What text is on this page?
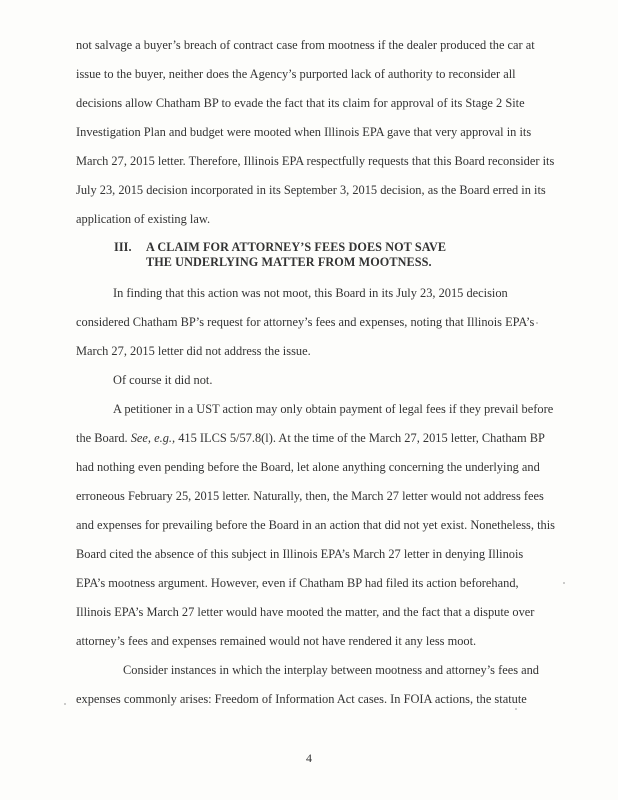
not salvage a buyer’s breach of contract case from mootness if the dealer produced the car at
issue to the buyer, neither does the Agency’s purported lack of authority to reconsider all
decisions allow Chatham BP to evade the fact that its claim for approval of its Stage 2 Site
Investigation Plan and budget were mooted when Illinois EPA gave that very approval in its
March 27, 2015 letter. Therefore, Illinois EPA respectfully requests that this Board reconsider its
July 23, 2015 decision incorporated in its September 3, 2015 decision, as the Board erred in its
application of existing law.
III. A CLAIM FOR ATTORNEY’S FEES DOES NOT SAVE
THE UNDERLYING MATTER FROM MOOTNESS.
In finding that this action was not moot, this Board in its July 23, 2015 decision
considered Chatham BP’s request for attorney’s fees and expenses, noting that Illinois EPA’s
March 27, 2015 letter did not address the issue.
Of course it did not.
A petitioner in a UST action may only obtain payment of legal fees if they prevail before
the Board. See, e.g., 415 ILCS 5/57.8(l). At the time of the March 27, 2015 letter, Chatham BP
had nothing even pending before the Board, let alone anything concerning the underlying and
erroneous February 25, 2015 letter. Naturally, then, the March 27 letter would not address fees
and expenses for prevailing before the Board in an action that did not yet exist. Nonetheless, this
Board cited the absence of this subject in Illinois EPA’s March 27 letter in denying Illinois
EPA’s mootness argument. However, even if Chatham BP had filed its action beforehand,
Illinois EPA’s March 27 letter would have mooted the matter, and the fact that a dispute over
attorney’s fees and expenses remained would not have rendered it any less moot.
Consider instances in which the interplay between mootness and attorney’s fees and
expenses commonly arises: Freedom of Information Act cases. In FOIA actions, the statute
4
